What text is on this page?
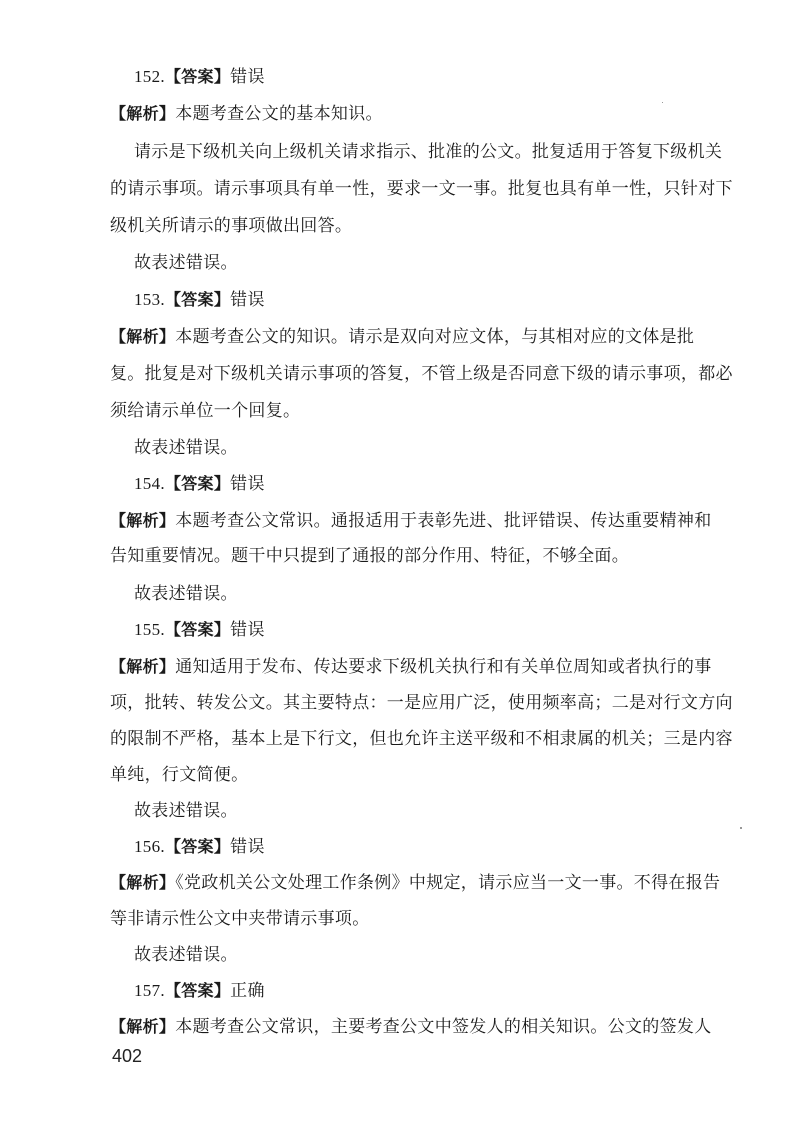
152.【答案】错误
【解析】本题考查公文的基本知识。
请示是下级机关向上级机关请求指示、批准的公文。批复适用于答复下级机关
的请示事项。请示事项具有单一性，要求一文一事。批复也具有单一性，只针对下
级机关所请示的事项做出回答。
故表述错误。
153.【答案】错误
【解析】本题考查公文的知识。请示是双向对应文体，与其相对应的文体是批
复。批复是对下级机关请示事项的答复，不管上级是否同意下级的请示事项，都必
须给请示单位一个回复。
故表述错误。
154.【答案】错误
【解析】本题考查公文常识。通报适用于表彰先进、批评错误、传达重要精神和
告知重要情况。题干中只提到了通报的部分作用、特征，不够全面。
故表述错误。
155.【答案】错误
【解析】通知适用于发布、传达要求下级机关执行和有关单位周知或者执行的事
项，批转、转发公文。其主要特点：一是应用广泛，使用频率高；二是对行文方向
的限制不严格，基本上是下行文，但也允许主送平级和不相隶属的机关；三是内容
单纯，行文简便。
故表述错误。
156.【答案】错误
【解析】《党政机关公文处理工作条例》中规定，请示应当一文一事。不得在报告
等非请示性公文中夹带请示事项。
故表述错误。
157.【答案】正确
【解析】本题考查公文常识，主要考查公文中签发人的相关知识。公文的签发人
402
